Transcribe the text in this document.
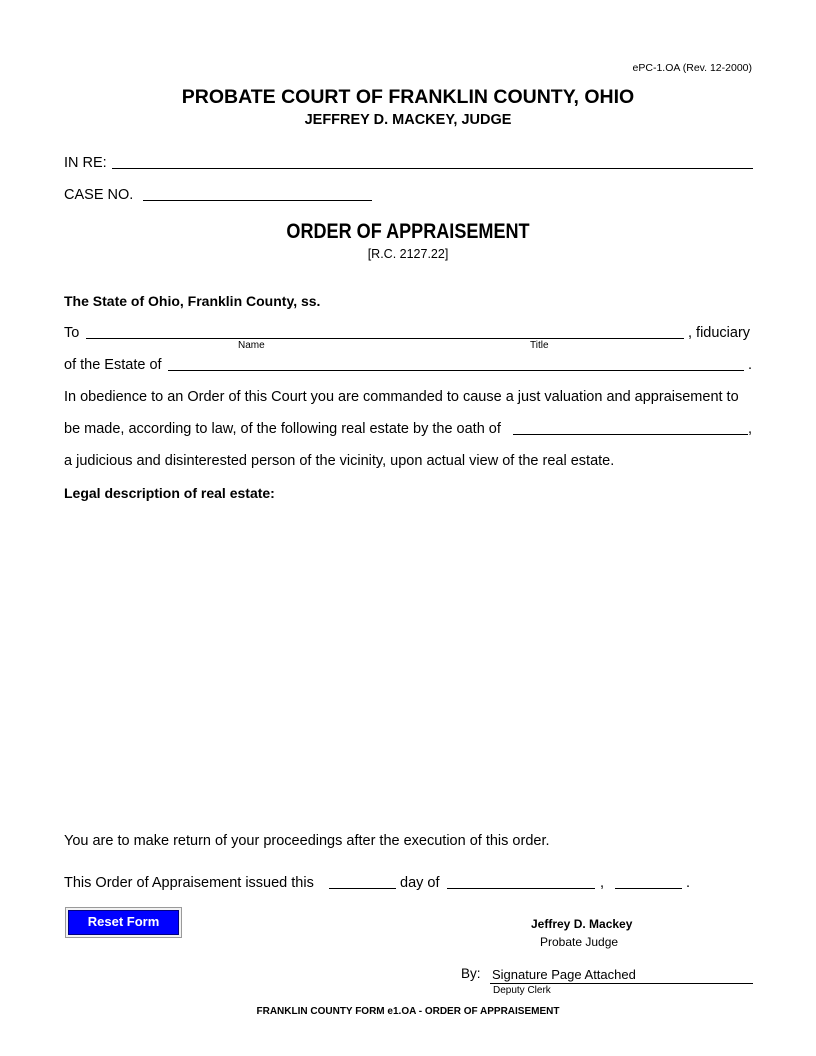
ePC-1.OA (Rev. 12-2000)
PROBATE COURT OF FRANKLIN COUNTY, OHIO
JEFFREY D. MACKEY, JUDGE
IN RE:
CASE NO.
ORDER OF APPRAISEMENT
[R.C. 2127.22]
The State of Ohio, Franklin County, ss.
To	, fiduciary
Name	Title
of the Estate of	.
In obedience to an Order of this Court you are commanded to cause a just valuation and appraisement to
be made, according to law, of the following real estate by the oath of	,
a judicious and disinterested person of the vicinity, upon actual view of the real estate.
Legal description of real estate:
You are to make return of your proceedings after the execution of this order.
This Order of Appraisement issued this	day of	,	.
Reset Form	Jeffrey D. Mackey
Probate Judge
By: Signature Page Attached
Deputy Clerk
FRANKLIN COUNTY FORM e1.OA - ORDER OF APPRAISEMENT
